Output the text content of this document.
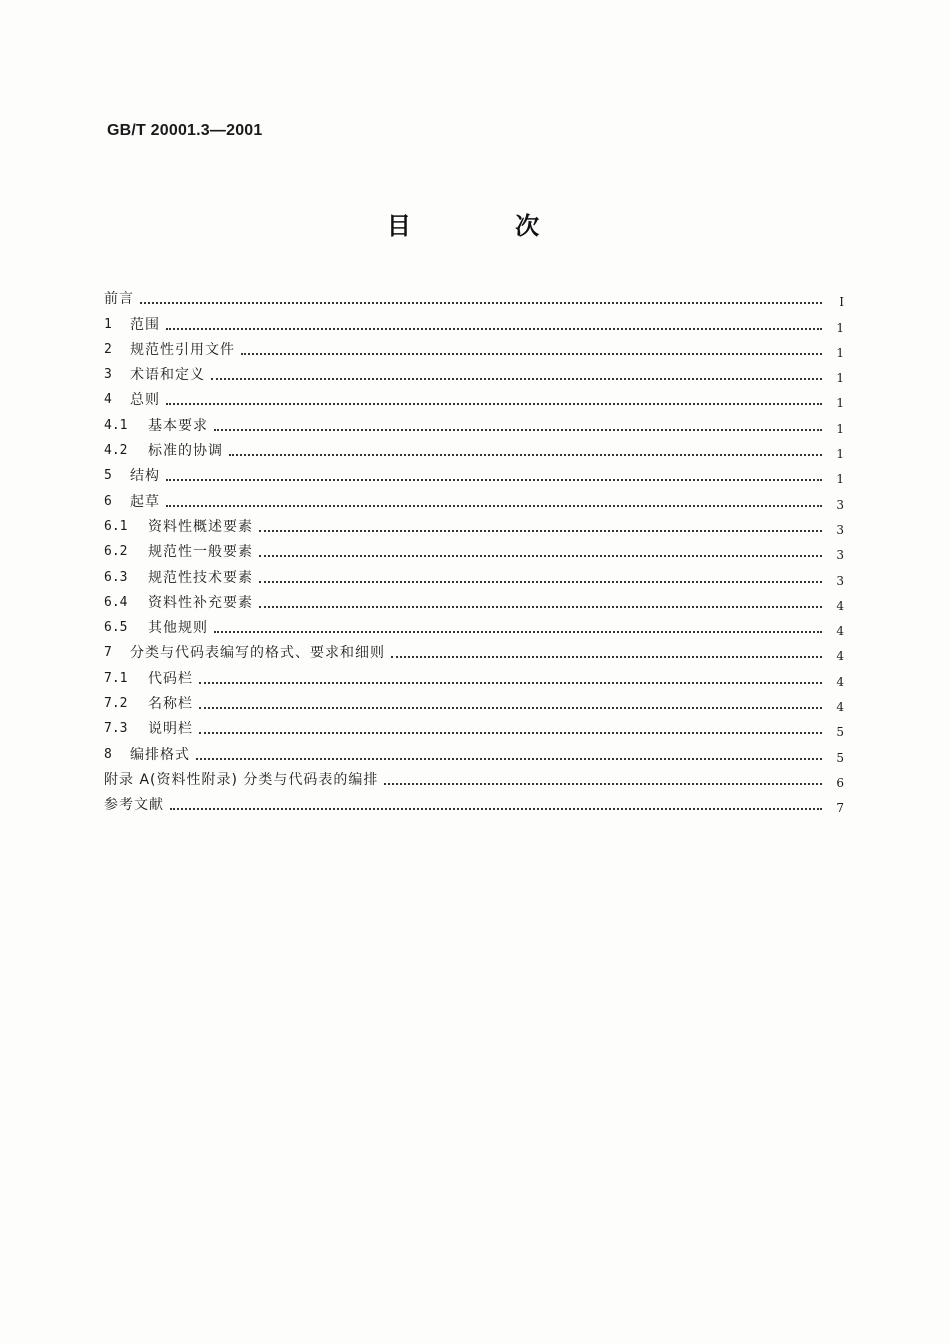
GB/T 20001.3—2001
目 次
前言	I
1	范围	1
2	规范性引用文件	1
3	术语和定义	1
4	总则	1
4.1	基本要求	1
4.2	标准的协调	1
5	结构	1
6	起草	3
6.1	资料性概述要素	3
6.2	规范性一般要素	3
6.3	规范性技术要素	3
6.4	资料性补充要素	4
6.5	其他规则	4
7	分类与代码表编写的格式、要求和细则	4
7.1	代码栏	4
7.2	名称栏	4
7.3	说明栏	5
8	编排格式	5
附录 A(资料性附录) 分类与代码表的编排	6
参考文献	7
